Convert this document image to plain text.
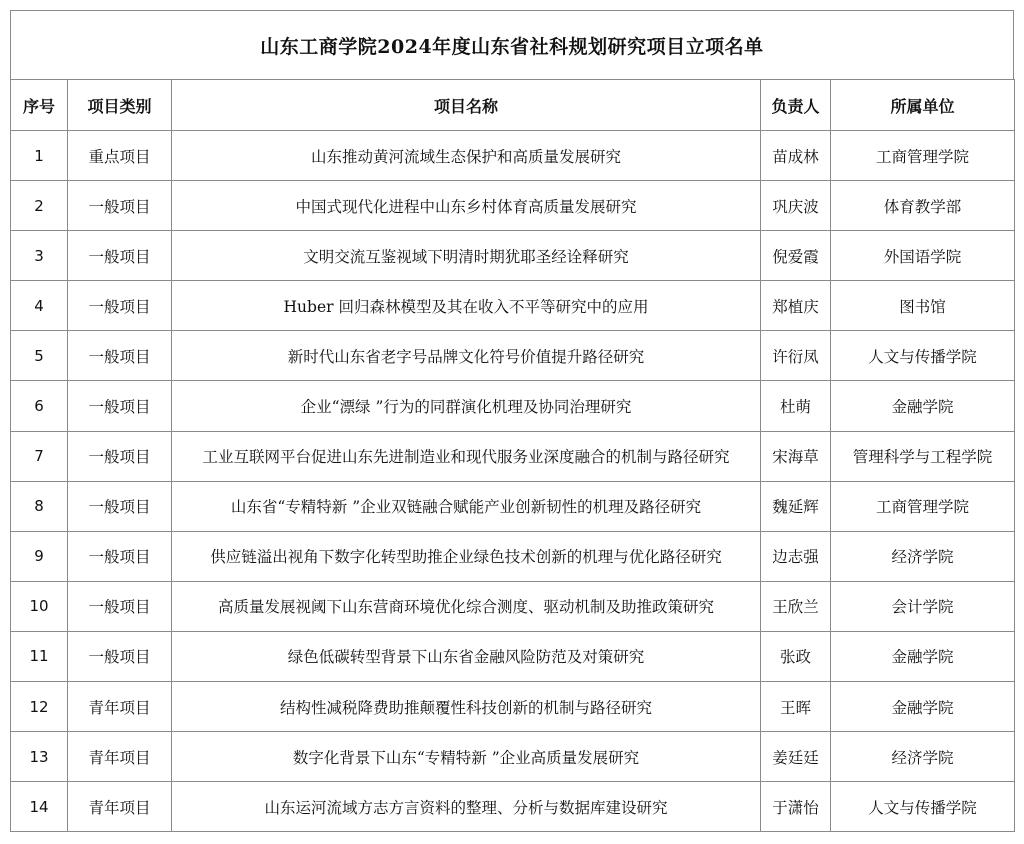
山东工商学院2024年度山东省社科规划研究项目立项名单
序号	项目类别	项目名称	负责人	所属单位
1	重点项目	山东推动黄河流域生态保护和高质量发展研究	苗成林	工商管理学院
2	一般项目	中国式现代化进程中山东乡村体育高质量发展研究	巩庆波	体育教学部
3	一般项目	文明交流互鉴视域下明清时期犹耶圣经诠释研究	倪爱霞	外国语学院
4	一般项目	Huber 回归森林模型及其在收入不平等研究中的应用	郑植庆	图书馆
5	一般项目	新时代山东省老字号品牌文化符号价值提升路径研究	许衍凤	人文与传播学院
6	一般项目	企业“漂绿 ”行为的同群演化机理及协同治理研究	杜萌	金融学院
7	一般项目	工业互联网平台促进山东先进制造业和现代服务业深度融合的机制与路径研究	宋海草	管理科学与工程学院
8	一般项目	山东省“专精特新 ”企业双链融合赋能产业创新韧性的机理及路径研究	魏延辉	工商管理学院
9	一般项目	供应链溢出视角下数字化转型助推企业绿色技术创新的机理与优化路径研究	边志强	经济学院
10	一般项目	高质量发展视阈下山东营商环境优化综合测度、驱动机制及助推政策研究	王欣兰	会计学院
11	一般项目	绿色低碳转型背景下山东省金融风险防范及对策研究	张政	金融学院
12	青年项目	结构性减税降费助推颠覆性科技创新的机制与路径研究	王晖	金融学院
13	青年项目	数字化背景下山东“专精特新 ”企业高质量发展研究	姜廷廷	经济学院
14	青年项目	山东运河流域方志方言资料的整理、分析与数据库建设研究	于潇怡	人文与传播学院
